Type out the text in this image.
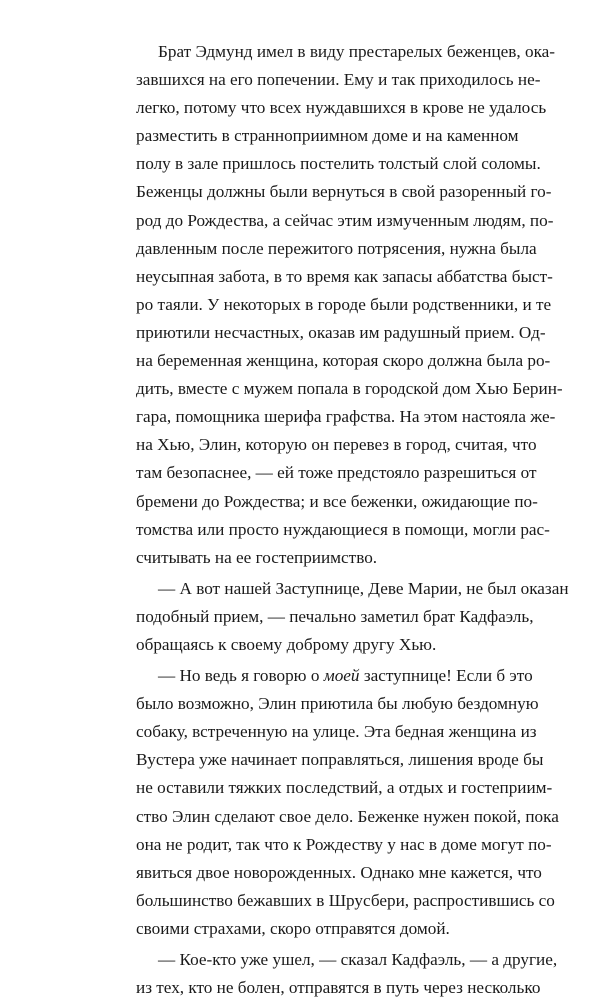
Брат Эдмунд имел в виду престарелых беженцев, ока-
завшихся на его попечении. Ему и так приходилось не-
легко, потому что всех нуждавшихся в крове не удалось
разместить в странноприимном доме и на каменном
полу в зале пришлось постелить толстый слой соломы.
Беженцы должны были вернуться в свой разоренный го-
род до Рождества, а сейчас этим измученным людям, по-
давленным после пережитого потрясения, нужна была
неусыпная забота, в то время как запасы аббатства быст-
ро таяли. У некоторых в городе были родственники, и те
приютили несчастных, оказав им радушный прием. Од-
на беременная женщина, которая скоро должна была ро-
дить, вместе с мужем попала в городской дом Хью Берин-
гара, помощника шерифа графства. На этом настояла же-
на Хью, Элин, которую он перевез в город, считая, что
там безопаснее, — ей тоже предстояло разрешиться от
бремени до Рождества; и все беженки, ожидающие по-
томства или просто нуждающиеся в помощи, могли рас-
считывать на ее гостеприимство.
— А вот нашей Заступнице, Деве Марии, не был оказан
подобный прием, — печально заметил брат Кадфаэль,
обращаясь к своему доброму другу Хью.
— Но ведь я говорю о моей заступнице! Если б это
было возможно, Элин приютила бы любую бездомную
собаку, встреченную на улице. Эта бедная женщина из
Вустера уже начинает поправляться, лишения вроде бы
не оставили тяжких последствий, а отдых и гостеприим-
ство Элин сделают свое дело. Беженке нужен покой, пока
она не родит, так что к Рождеству у нас в доме могут по-
явиться двое новорожденных. Однако мне кажется, что
большинство бежавших в Шрусбери, распростившись со
своими страхами, скоро отправятся домой.
— Кое-кто уже ушел, — сказал Кадфаэль, — а другие,
из тех, кто не болен, отправятся в путь через несколько
